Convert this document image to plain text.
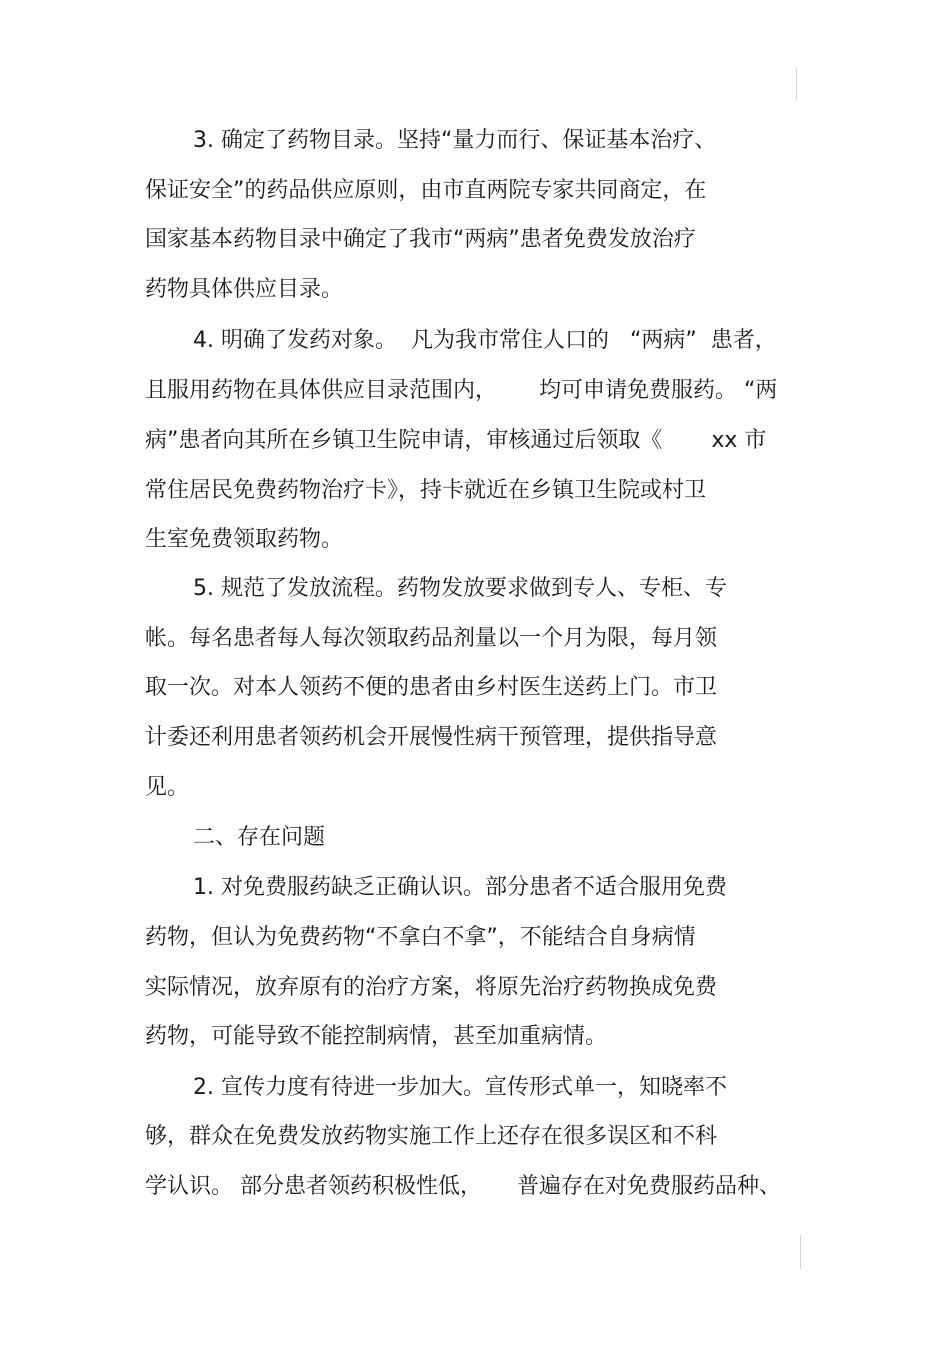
3. 确定了药物目录。坚持“量力而行、保证基本治疗、
保证安全”的药品供应原则，由市直两院专家共同商定，在
国家基本药物目录中确定了我市“两病”患者免费发放治疗
药物具体供应目录。
4. 明确了发药对象。  凡为我市常住人口的   “两病”  患者，
且服用药物在具体供应目录范围内，      均可申请免费服药。 “两
病”患者向其所在乡镇卫生院申请，审核通过后领取《       xx 市
常住居民免费药物治疗卡》，持卡就近在乡镇卫生院或村卫
生室免费领取药物。
5. 规范了发放流程。药物发放要求做到专人、专柜、专
帐。每名患者每人每次领取药品剂量以一个月为限，每月领
取一次。对本人领药不便的患者由乡村医生送药上门。市卫
计委还利用患者领药机会开展慢性病干预管理，提供指导意
见。
二、存在问题
1. 对免费服药缺乏正确认识。部分患者不适合服用免费
药物，但认为免费药物“不拿白不拿”，不能结合自身病情
实际情况，放弃原有的治疗方案，将原先治疗药物换成免费
药物，可能导致不能控制病情，甚至加重病情。
2. 宣传力度有待进一步加大。宣传形式单一，知晓率不
够，群众在免费发放药物实施工作上还存在很多误区和不科
学认识。 部分患者领药积极性低，     普遍存在对免费服药品种、
